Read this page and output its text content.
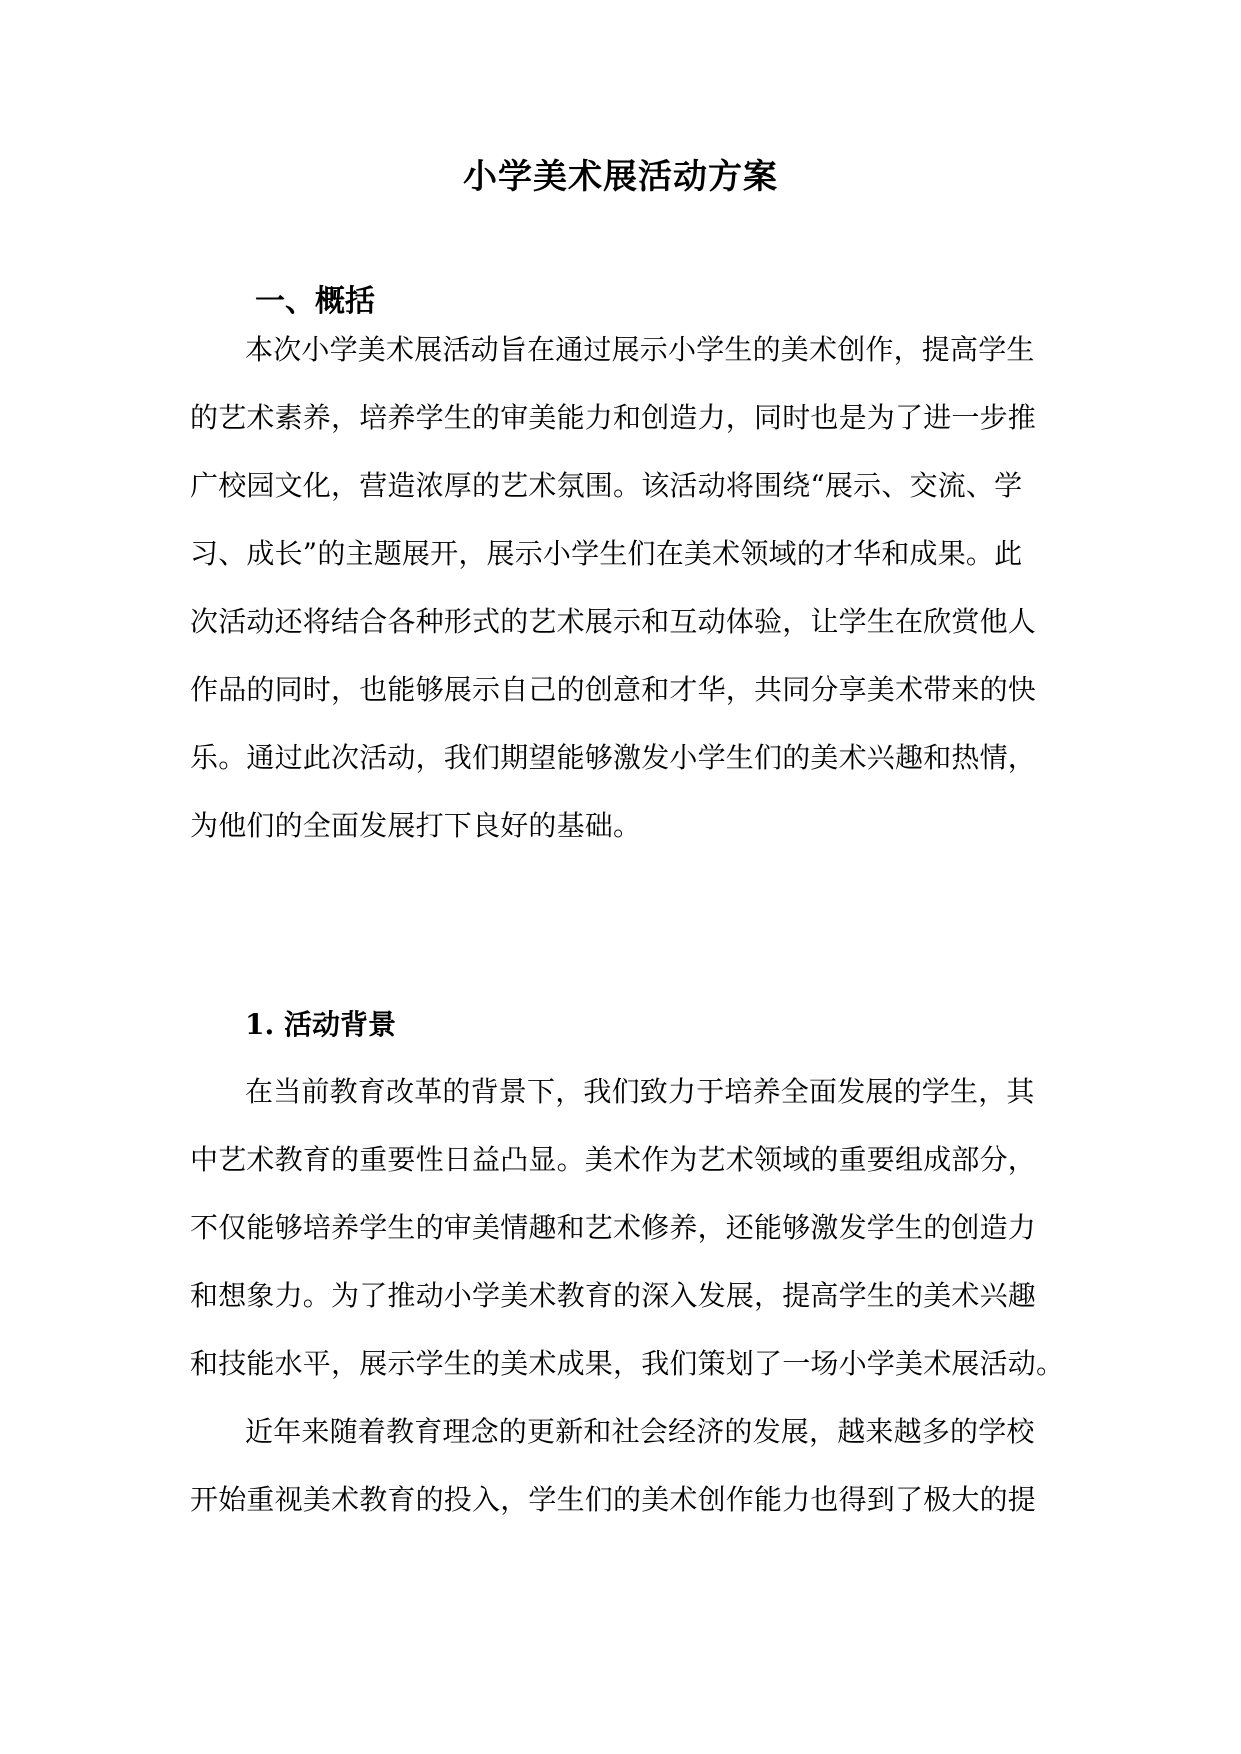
小学美术展活动方案
一、概括
本次小学美术展活动旨在通过展示小学生的美术创作，提高学生
的艺术素养，培养学生的审美能力和创造力，同时也是为了进一步推
广校园文化，营造浓厚的艺术氛围。该活动将围绕“展示、交流、学
习、成长”的主题展开，展示小学生们在美术领域的才华和成果。此
次活动还将结合各种形式的艺术展示和互动体验，让学生在欣赏他人
作品的同时，也能够展示自己的创意和才华，共同分享美术带来的快
乐。通过此次活动，我们期望能够激发小学生们的美术兴趣和热情，
为他们的全面发展打下良好的基础。
1. 活动背景
在当前教育改革的背景下，我们致力于培养全面发展的学生，其
中艺术教育的重要性日益凸显。美术作为艺术领域的重要组成部分，
不仅能够培养学生的审美情趣和艺术修养，还能够激发学生的创造力
和想象力。为了推动小学美术教育的深入发展，提高学生的美术兴趣
和技能水平，展示学生的美术成果，我们策划了一场小学美术展活动。
近年来随着教育理念的更新和社会经济的发展，越来越多的学校
开始重视美术教育的投入，学生们的美术创作能力也得到了极大的提
